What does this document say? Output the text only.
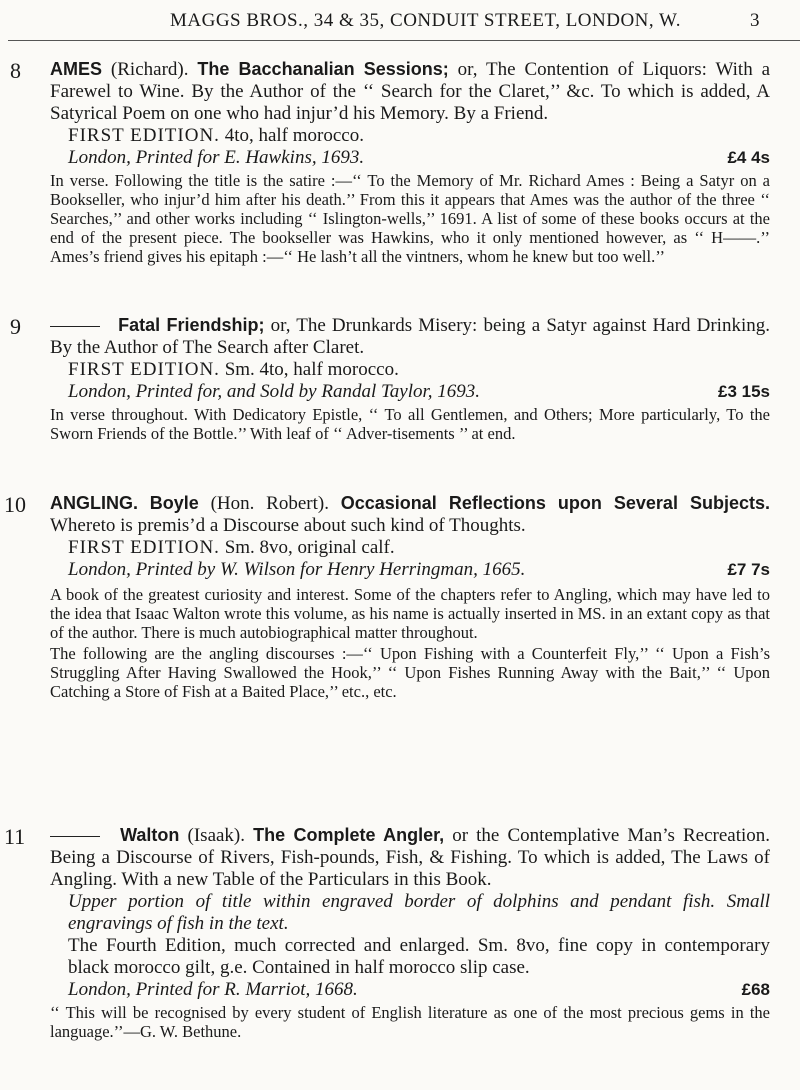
MAGGS BROS., 34 & 35, CONDUIT STREET, LONDON, W.	3
8 AMES (Richard). The Bacchanalian Sessions; or, The Contention of Liquors: With a Farewel to Wine. By the Author of the ‘‘ Search for the Claret,’’ &c. To which is added, A Satyrical Poem on one who had injur’d his Memory. By a Friend.

FIRST EDITION. 4to, half morocco.

London, Printed for E. Hawkins, 1693.	£4 4s

In verse. Following the title is the satire :—‘‘ To the Memory of Mr. Richard Ames : Being a Satyr on a Bookseller, who injur’d him after his death.’’ From this it appears that Ames was the author of the three ‘‘ Searches,’’ and other works including ‘‘ Islington-wells,’’ 1691. A list of some of these books occurs at the end of the present piece. The bookseller was Hawkins, who it only mentioned however, as ‘‘ H——.’’ Ames’s friend gives his epitaph :—‘‘ He lash’t all the vintners, whom he knew but too well.’’

9	Fatal Friendship; or, The Drunkards Misery: being a Satyr against Hard Drinking. By the Author of The Search after Claret.

FIRST EDITION. Sm. 4to, half morocco.

London, Printed for, and Sold by Randal Taylor, 1693.	£3 15s

In verse throughout. With Dedicatory Epistle, ‘‘ To all Gentlemen, and Others; More particularly, To the Sworn Friends of the Bottle.’’ With leaf of ‘‘ Adver-tisements ’’ at end.

10 ANGLING. Boyle (Hon. Robert). Occasional Reflections upon Several Subjects. Whereto is premis’d a Discourse about such kind of Thoughts.

FIRST EDITION. Sm. 8vo, original calf.

London, Printed by W. Wilson for Henry Herringman, 1665.	£7 7s

A book of the greatest curiosity and interest. Some of the chapters refer to Angling, which may have led to the idea that Isaac Walton wrote this volume, as his name is actually inserted in MS. in an extant copy as that of the author. There is much autobiographical matter throughout.

The following are the angling discourses :—‘‘ Upon Fishing with a Counterfeit Fly,’’ ‘‘ Upon a Fish’s Struggling After Having Swallowed the Hook,’’ ‘‘ Upon Fishes Running Away with the Bait,’’ ‘‘ Upon Catching a Store of Fish at a Baited Place,’’ etc., etc.

11	Walton (Isaak). The Complete Angler, or the Contemplative Man’s Recreation. Being a Discourse of Rivers, Fish-pounds, Fish, & Fishing. To which is added, The Laws of Angling. With a new Table of the Particulars in this Book.

Upper portion of title within engraved border of dolphins and pendant fish. Small engravings of fish in the text.

The Fourth Edition, much corrected and enlarged. Sm. 8vo, fine copy in contemporary black morocco gilt, g.e. Contained in half morocco slip case.

London, Printed for R. Marriot, 1668.	£68

‘‘ This will be recognised by every student of English literature as one of the most precious gems in the language.’’—G. W. Bethune.
